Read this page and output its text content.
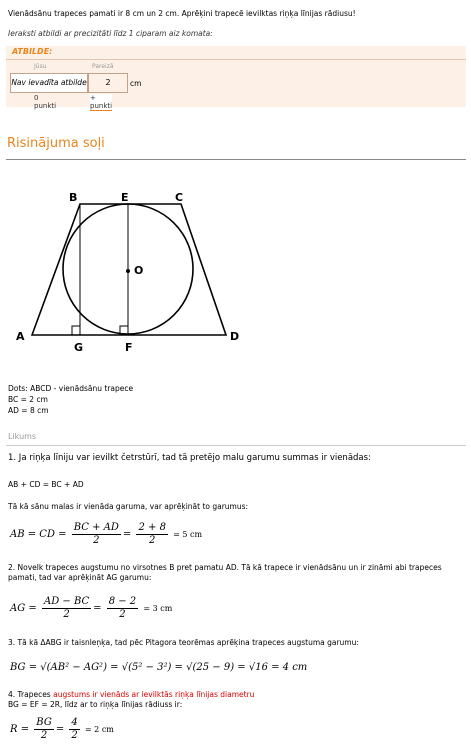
Vienādsānu trapeces pamati ir 8 cm un 2 cm. Aprēķini trapecē ievilktas riņķa līnijas rādiusu!
Ieraksti atbildi ar precizitāti līdz 1 ciparam aiz komata:
ATBILDE:
Jūsu	Pareizā
Nav ievadīta atbilde	2	cm
0 punkti
+ punkti
Risinājuma soļi
A
B	C
D
E
F
G
O
Dots: ABCD - vienādsānu trapece
BC = 2 cm
AD = 8 cm
Likums
1. Ja riņķa līniju var ievilkt četrstūrī, tad tā pretējo malu garumu summas ir vienādas:
AB + CD = BC + AD
Tā kā sānu malas ir vienāda garuma, var aprēķināt to garumus:
AB = CD = $\frac{BC + AD}{2} = \frac{2 + 8}{2} = 5$ cm
2. Novelk trapeces augstumu no virsotnes B pret pamatu AD. Tā kā trapece ir vienādsānu un ir zināmi abi trapeces pamati, tad var aprēķināt AG garumu:
AG = $\frac{AD - BC}{2} = \frac{8 - 2}{2} = 3$ cm
3. Tā kā ΔABG ir taisnleņķa, tad pēc Pitagora teorēmas aprēķina trapeces augstuma garumu:
BG = √(AB² − AG²) = √(5² − 3²) = √(25 − 9) = √16 = 4 cm
4. Trapeces augstums ir vienāds ar ievilktās riņķa līnijas diametru
BG = EF = 2R, līdz ar to riņķa līnijas rādiuss ir:
$R = \frac{BG}{2} = \frac{4}{2} = 2$ cm
